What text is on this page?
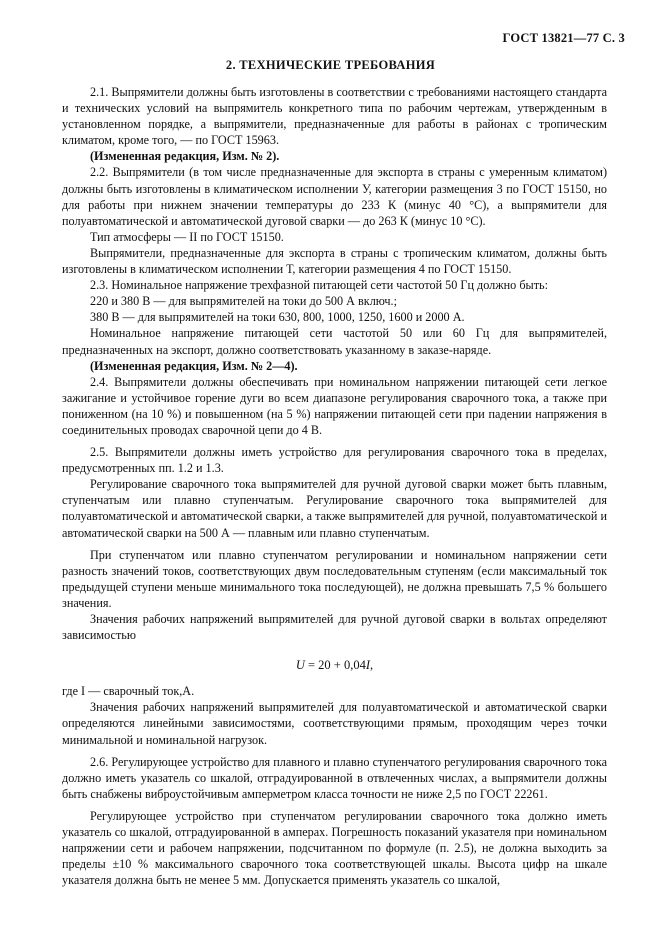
ГОСТ 13821—77 С. 3
2. ТЕХНИЧЕСКИЕ ТРЕБОВАНИЯ

2.1. Выпрямители должны быть изготовлены в соответствии с требованиями настоящего стандарта и технических условий на выпрямитель конкретного типа по рабочим чертежам, утвержденным в установленном порядке, а выпрямители, предназначенные для работы в районах с тропическим климатом, кроме того, — по ГОСТ 15963.

(Измененная редакция, Изм. № 2).

2.2. Выпрямители (в том числе предназначенные для экспорта в страны с умеренным климатом) должны быть изготовлены в климатическом исполнении У, категории размещения 3 по ГОСТ 15150, но для работы при нижнем значении температуры до 233 К (минус 40 °С), а выпрямители для полуавтоматической и автоматической дуговой сварки — до 263 К (минус 10 °С).

Тип атмосферы — II по ГОСТ 15150.

Выпрямители, предназначенные для экспорта в страны с тропическим климатом, должны быть изготовлены в климатическом исполнении Т, категории размещения 4 по ГОСТ 15150.

2.3. Номинальное напряжение трехфазной питающей сети частотой 50 Гц должно быть:

220 и 380 В — для выпрямителей на токи до 500 А включ.;

380 В — для выпрямителей на токи 630, 800, 1000, 1250, 1600 и 2000 А.

Номинальное напряжение питающей сети частотой 50 или 60 Гц для выпрямителей, предназначенных на экспорт, должно соответствовать указанному в заказе-наряде.

(Измененная редакция, Изм. № 2—4).

2.4. Выпрямители должны обеспечивать при номинальном напряжении питающей сети легкое зажигание и устойчивое горение дуги во всем диапазоне регулирования сварочного тока, а также при пониженном (на 10 %) и повышенном (на 5 %) напряжении питающей сети при падении напряжения в соединительных проводах сварочной цепи до 4 В.

2.5. Выпрямители должны иметь устройство для регулирования сварочного тока в пределах, предусмотренных пп. 1.2 и 1.3.

Регулирование сварочного тока выпрямителей для ручной дуговой сварки может быть плавным, ступенчатым или плавно ступенчатым. Регулирование сварочного тока выпрямителей для полуавтоматической и автоматической сварки, а также выпрямителей для ручной, полуавтоматической и автоматической сварки на 500 А — плавным или плавно ступенчатым.

При ступенчатом или плавно ступенчатом регулировании и номинальном напряжении сети разность значений токов, соответствующих двум последовательным ступеням (если максимальный ток предыдущей ступени меньше минимального тока последующей), не должна превышать 7,5 % большего значения.

Значения рабочих напряжений выпрямителей для ручной дуговой сварки в вольтах определяют зависимостью

U = 20 + 0,04I,

где I — сварочный ток,А.

Значения рабочих напряжений выпрямителей для полуавтоматической и автоматической сварки определяются линейными зависимостями, соответствующими прямым, проходящим через точки минимальной и номинальной нагрузок.

2.6. Регулирующее устройство для плавного и плавно ступенчатого регулирования сварочного тока должно иметь указатель со шкалой, отградуированной в отвлеченных числах, а выпрямители должны быть снабжены виброустойчивым амперметром класса точности не ниже 2,5 по ГОСТ 22261.

Регулирующее устройство при ступенчатом регулировании сварочного тока должно иметь указатель со шкалой, отградуированной в амперах. Погрешность показаний указателя при номинальном напряжении сети и рабочем напряжении, подсчитанном по формуле (п. 2.5), не должна выходить за пределы ±10 % максимального сварочного тока соответствующей шкалы. Высота цифр на шкале указателя должна быть не менее 5 мм. Допускается применять указатель со шкалой,
